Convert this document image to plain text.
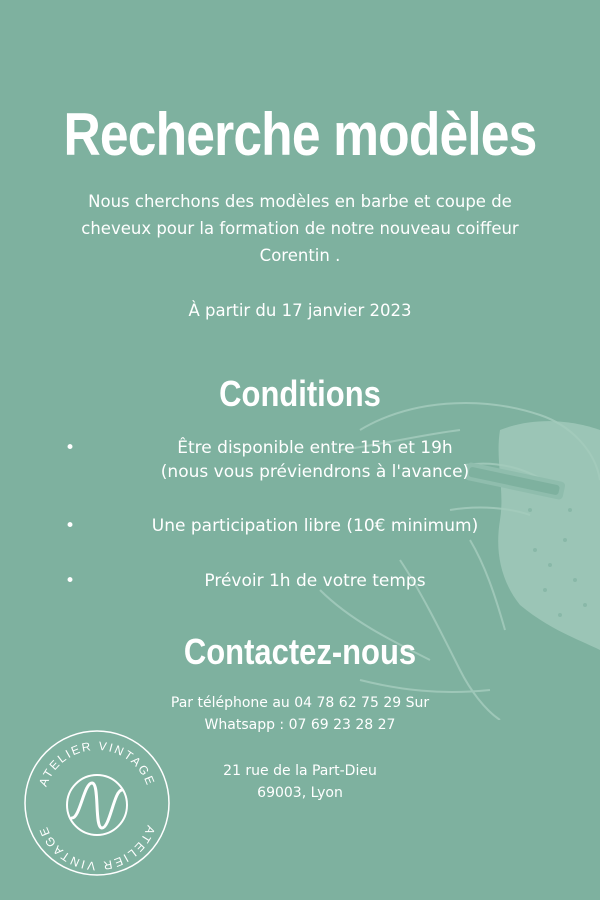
Recherche modèles
Nous cherchons des modèles en barbe et coupe de cheveux pour la formation de notre nouveau coiffeur Corentin .
À partir du 17 janvier 2023
Conditions
•	Être disponible entre 15h et 19h
(nous vous préviendrons à l'avance)
•	Une participation libre (10€ minimum)
•	Prévoir 1h de votre temps
Contactez-nous
Par téléphone au 04 78 62 75 29 Sur
Whatsapp : 07 69 23 28 27
21 rue de la Part-Dieu
69003, Lyon
ATELIER VINTAGE
ATELIER VINTAGE
